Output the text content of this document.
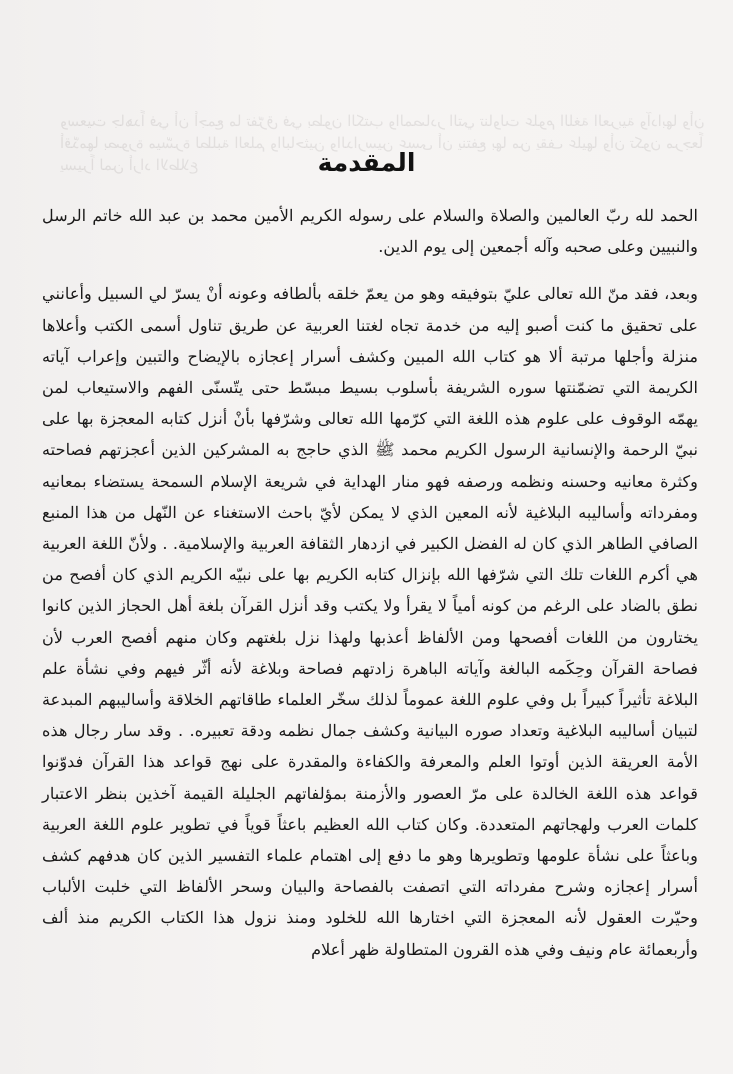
وسعيت جاهداً في أن أجمع ما تفرّق في بطون الكتب والمصادر التي تناولت علوم اللغة العربية وآدابها وأن أقدّمها بصورة ميسّرة لطلبة العلم والباحثين والدارسين عسى أن ينتفع بها من يقف عليها وأن تكون مرجعاً يسيراً لمن أراد الاطلاع	المقدمة

الحمد لله ربّ العالمين والصلاة والسلام على رسوله الكريم الأمين محمد بن عبد الله خاتم الرسل والنبيين وعلى صحبه وآله أجمعين إلى يوم الدين.

وبعد، فقد منّ الله تعالى عليّ بتوفيقه وهو من يعمّ خلقه بألطافه وعونه أنْ يسرّ لي السبيل وأعانني على تحقيق ما كنت أصبو إليه من خدمة تجاه لغتنا العربية عن طريق تناول أسمى الكتب وأعلاها منزلة وأجلها مرتبة ألا هو كتاب الله المبين وكشف أسرار إعجازه بالإيضاح والتبين وإعراب آياته الكريمة التي تضمّنتها سوره الشريفة بأسلوب بسيط مبسّط حتى يتّسنّى الفهم والاستيعاب لمن يهمّه الوقوف على علوم هذه اللغة التي كرّمها الله تعالى وشرّفها بأنْ أنزل كتابه المعجزة بها على نبيّ الرحمة والإنسانية الرسول الكريم محمد ﷺ الذي حاجج به المشركين الذين أعجزتهم فصاحته وكثرة معانيه وحسنه ونظمه ورصفه فهو منار الهداية في شريعة الإسلام السمحة يستضاء بمعانيه ومفرداته وأساليبه البلاغية لأنه المعين الذي لا يمكن لأيّ باحث الاستغناء عن النّهل من هذا المنبع الصافي الطاهر الذي كان له الفضل الكبير في ازدهار الثقافة العربية والإسلامية. . ولأنّ اللغة العربية هي أكرم اللغات تلك التي شرّفها الله بإنزال كتابه الكريم بها على نبيّه الكريم الذي كان أفصح من نطق بالضاد على الرغم من كونه أمياً لا يقرأ ولا يكتب وقد أنزل القرآن بلغة أهل الحجاز الذين كانوا يختارون من اللغات أفصحها ومن الألفاظ أعذبها ولهذا نزل بلغتهم وكان منهم أفصح العرب لأن فصاحة القرآن وحِكَمه البالغة وآياته الباهرة زادتهم فصاحة وبلاغة لأنه أثّر فيهم وفي نشأة علم البلاغة تأثيراً كبيراً بل وفي علوم اللغة عموماً لذلك سخّر العلماء طاقاتهم الخلاقة وأساليبهم المبدعة لتبيان أساليبه البلاغية وتعداد صوره البيانية وكشف جمال نظمه ودقة تعبيره. . وقد سار رجال هذه الأمة العريقة الذين أوتوا العلم والمعرفة والكفاءة والمقدرة على نهج قواعد هذا القرآن فدوّنوا قواعد هذه اللغة الخالدة على مرّ العصور والأزمنة بمؤلفاتهم الجليلة القيمة آخذين بنظر الاعتبار كلمات العرب ولهجاتهم المتعددة. وكان كتاب الله العظيم باعثاً قوياً في تطوير علوم اللغة العربية وباعثاً على نشأة علومها وتطويرها وهو ما دفع إلى اهتمام علماء التفسير الذين كان هدفهم كشف أسرار إعجازه وشرح مفرداته التي اتصفت بالفصاحة والبيان وسحر الألفاظ التي خلبت الألباب وحيّرت العقول لأنه المعجزة التي اختارها الله للخلود ومنذ نزول هذا الكتاب الكريم منذ ألف وأربعمائة عام ونيف وفي هذه القرون المتطاولة ظهر أعلام
